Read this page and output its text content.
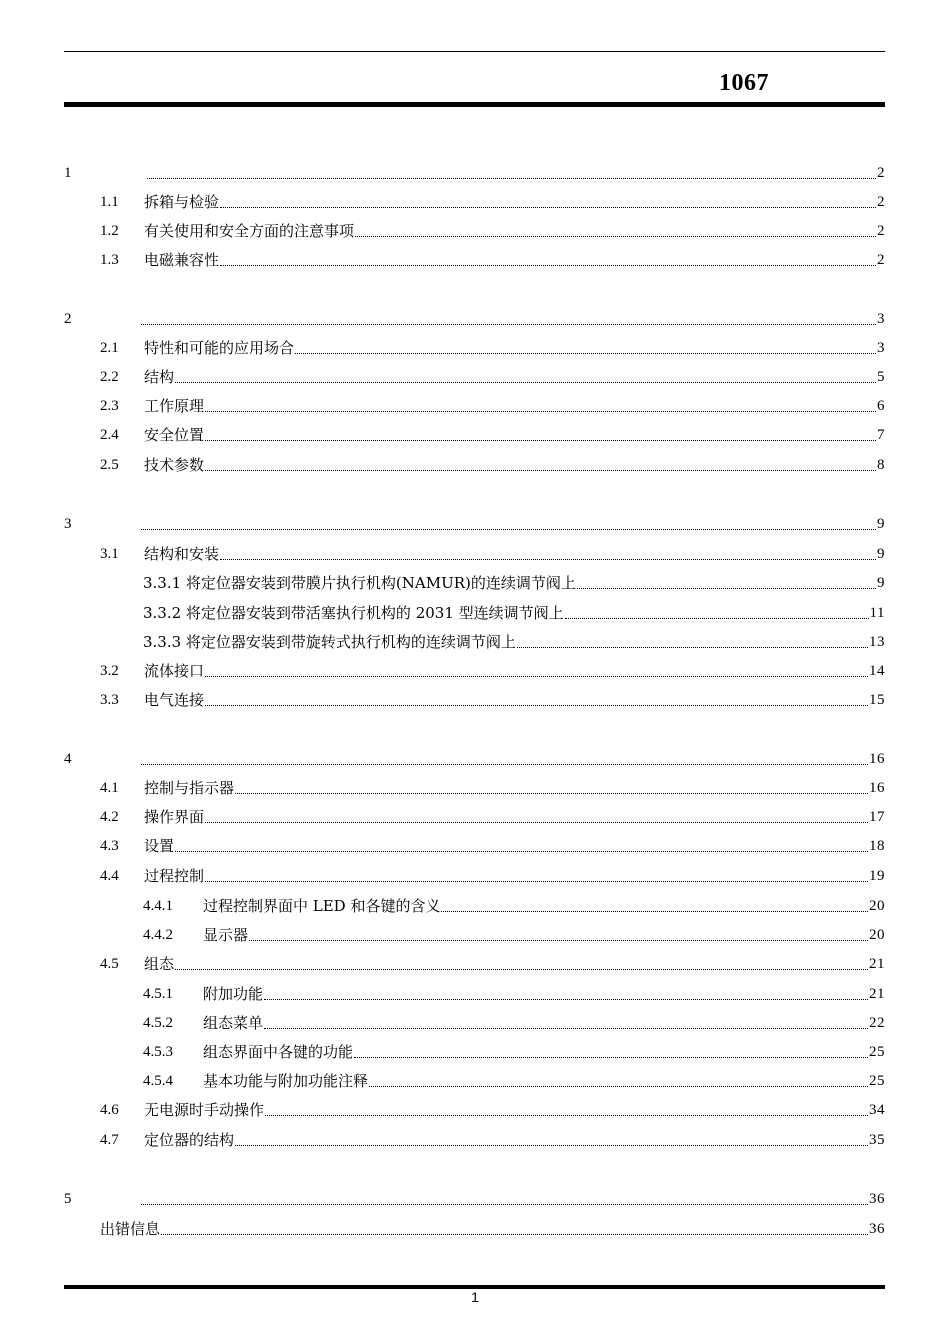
1067
1	2
1.1	拆箱与检验	2
1.2	有关使用和安全方面的注意事项	2
1.3	电磁兼容性	2
2	3
2.1	特性和可能的应用场合	3
2.2	结构	5
2.3	工作原理	6
2.4	安全位置	7
2.5	技术参数	8
3	9
3.1	结构和安装	9
3.3.1 将定位器安装到带膜片执行机构(NAMUR)的连续调节阀上	9
3.3.2 将定位器安装到带活塞执行机构的 2031 型连续调节阀上	11
3.3.3 将定位器安装到带旋转式执行机构的连续调节阀上	13
3.2	流体接口	14
3.3	电气连接	15
4	16
4.1	控制与指示器	16
4.2	操作界面	17
4.3	设置	18
4.4	过程控制	19
4.4.1	过程控制界面中 LED 和各键的含义	20
4.4.2	显示器	20
4.5	组态	21
4.5.1	附加功能	21
4.5.2	组态菜单	22
4.5.3	组态界面中各键的功能	25
4.5.4	基本功能与附加功能注释	25
4.6	无电源时手动操作	34
4.7	定位器的结构	35
5	36
出错信息	36
1
